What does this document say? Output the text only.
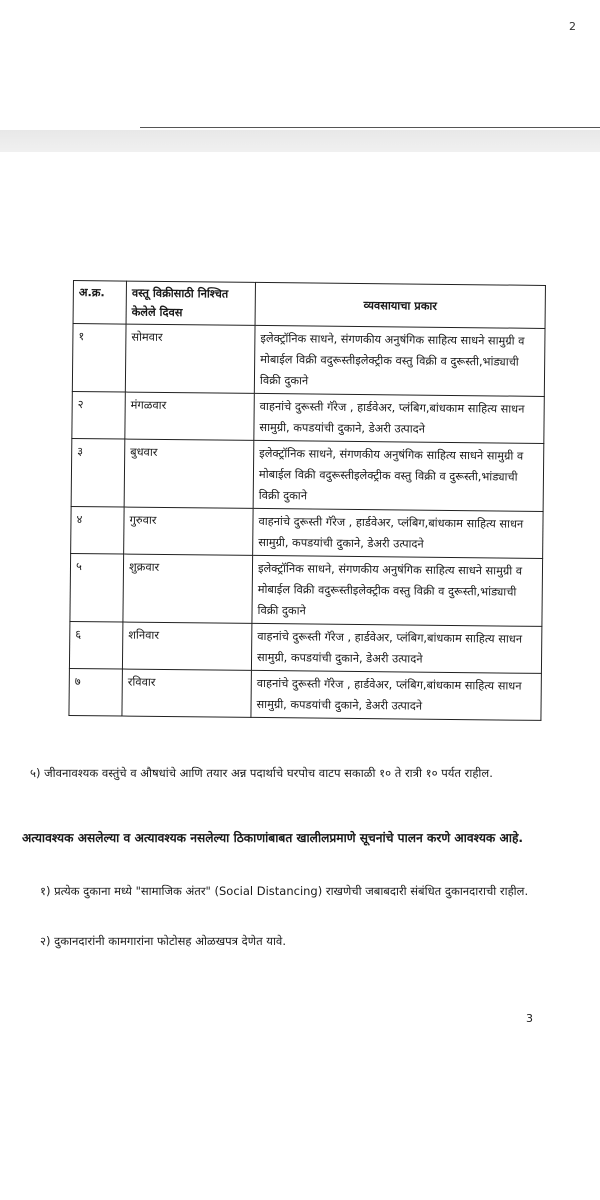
2
अ.क्र.	वस्तू विक्रीसाठी निश्चित केलेले दिवस	व्यवसायाचा प्रकार
१	सोमवार	इलेक्ट्रॉनिक साधने, संगणकीय अनुषंगिक साहित्य साधने सामुग्री व मोबाईल विक्री वदुरूस्तीइलेक्ट्रीक वस्तु विक्री व दुरूस्ती,भांड्याची विक्री दुकाने
२	मंगळवार	वाहनांचे दुरूस्ती गॅरेज , हार्डवेअर, प्लंबिग,बांधकाम साहित्य साधन सामुग्री, कपडयांची दुकाने, डेअरी उत्पादने
३	बुधवार	इलेक्ट्रॉनिक साधने, संगणकीय अनुषंगिक साहित्य साधने सामुग्री व मोबाईल विक्री वदुरूस्तीइलेक्ट्रीक वस्तु विक्री व दुरूस्ती,भांड्याची विक्री दुकाने
४	गुरुवार	वाहनांचे दुरूस्ती गॅरेज , हार्डवेअर, प्लंबिग,बांधकाम साहित्य साधन सामुग्री, कपडयांची दुकाने, डेअरी उत्पादने
५	शुक्रवार	इलेक्ट्रॉनिक साधने, संगणकीय अनुषंगिक साहित्य साधने सामुग्री व मोबाईल विक्री वदुरूस्तीइलेक्ट्रीक वस्तु विक्री व दुरूस्ती,भांड्याची विक्री दुकाने
६	शनिवार	वाहनांचे दुरूस्ती गॅरेज , हार्डवेअर, प्लंबिग,बांधकाम साहित्य साधन सामुग्री, कपडयांची दुकाने, डेअरी उत्पादने
७	रविवार	वाहनांचे दुरूस्ती गॅरेज , हार्डवेअर, प्लंबिग,बांधकाम साहित्य साधन सामुग्री, कपडयांची दुकाने, डेअरी उत्पादने
५) जीवनावश्यक वस्तुंचे व औषधांचे आणि तयार अन्न पदार्थाचे घरपोच वाटप सकाळी १० ते रात्री १० पर्यत राहील.
अत्यावश्यक असलेल्या व अत्यावश्यक नसलेल्या ठिकाणांबाबत खालीलप्रमाणे सूचनांचे पालन करणे आवश्यक आहे.
१) प्रत्येक दुकाना मध्ये "सामाजिक अंतर" (Social Distancing) राखणेची जबाबदारी संबंधित दुकानदाराची राहील.
२) दुकानदारांनी कामगारांना फोटोसह ओळखपत्र देणेत यावे.
3
